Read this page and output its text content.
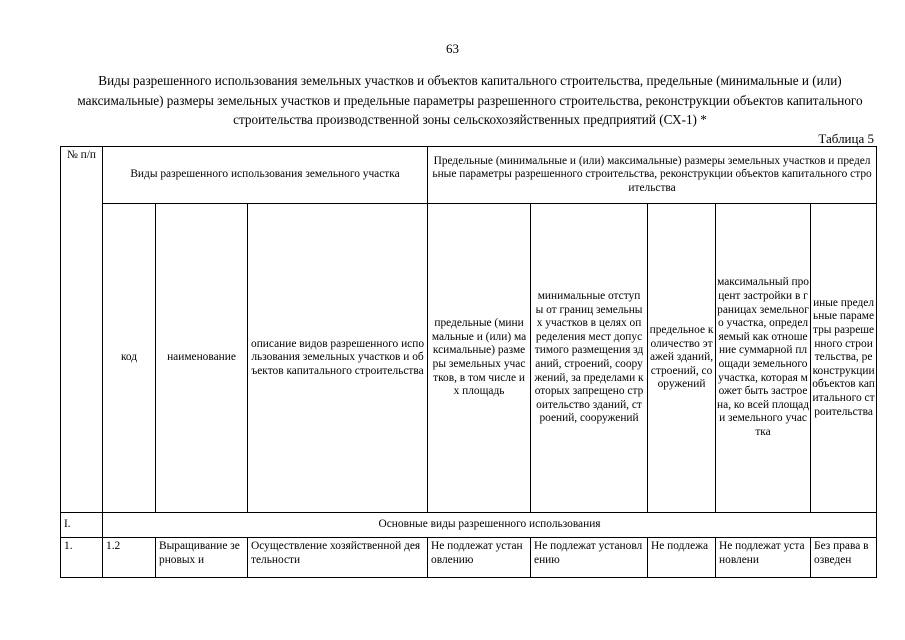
63
Виды разрешенного использования земельных участков и объектов капитального строительства, предельные (минимальные и (или) максимальные) размеры земельных участков и предельные параметры разрешенного строительства, реконструкции объектов капитального строительства производственной зоны сельскохозяйственных предприятий (СХ-1) *
Таблица 5
№ п/п	Виды разрешенного использования земельного участка			Предельные (минимальные и (или) максимальные) размеры земельных участков и предельные параметры разрешенного строительства, реконструкции объектов капитального строительства				
	код	наименование	описание видов разрешенного использования земельных участков и объектов капитального строительства	предельные (минимальные и (или) максимальные) размеры земельных участков, в том числе их площадь	минимальные отступы от границ земельных участков в целях определения мест допустимого размещения зданий, строений, сооружений, за пределами которых запрещено строительство зданий, строений, сооружений	предельное количество этажей зданий, строений, сооружений	максимальный процент застройки в границах земельного участка, определяемый как отношение суммарной площади земельного участка, которая может быть застроена, ко всей площади земельного участка	иные предельные параметры разрешенного строительства, реконструкции объектов капитального строительства
I.	Основные виды разрешенного использования							
1.	1.2	Выращивание зерновых и	Осуществление хозяйственной деятельности	Не подлежат установлению	Не подлежат установлению	Не подлежа	Не подлежат установлени	Без права возведен
